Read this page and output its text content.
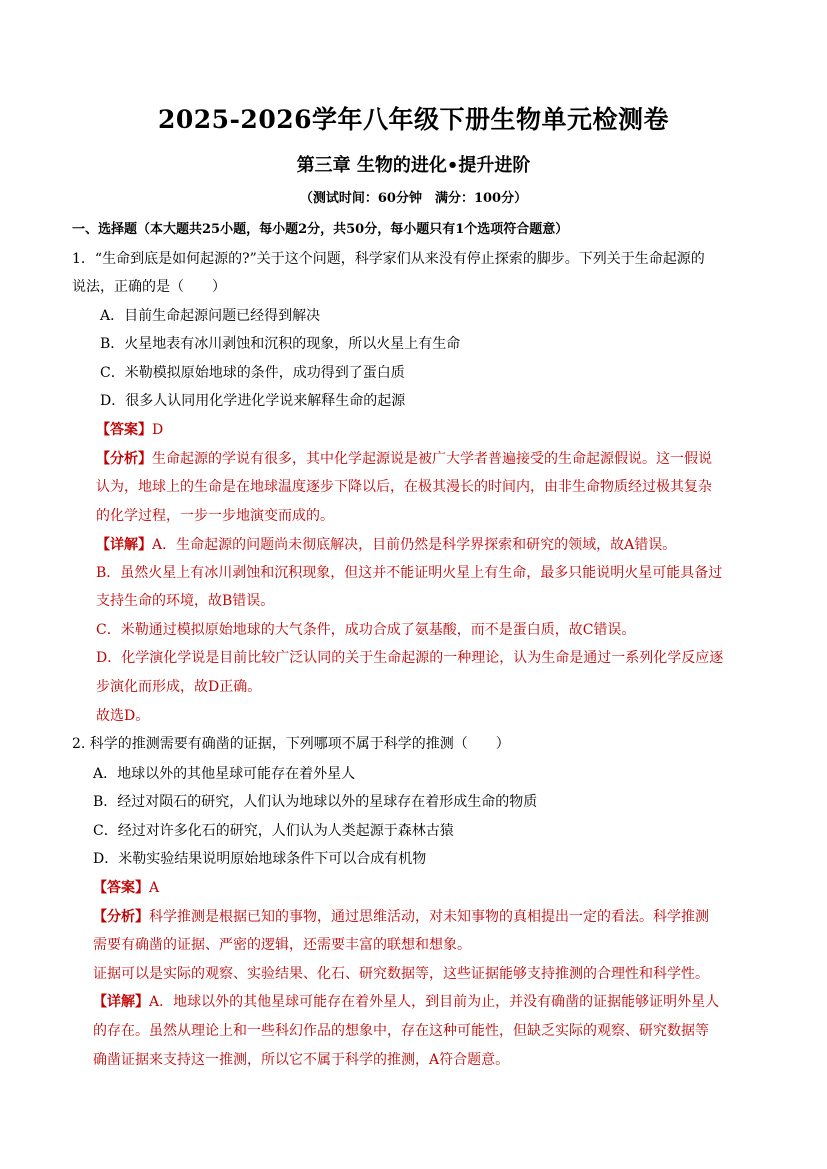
2025-2026学年八年级下册生物单元检测卷
第三章 生物的进化•提升进阶
（测试时间：60分钟　满分：100分）
一、选择题（本大题共25小题，每小题2分，共50分，每小题只有1个选项符合题意）
1．“生命到底是如何起源的?”关于这个问题，科学家们从来没有停止探索的脚步。下列关于生命起源的
说法，正确的是（　　）
A．目前生命起源问题已经得到解决
B．火星地表有冰川剥蚀和沉积的现象，所以火星上有生命
C．米勒模拟原始地球的条件，成功得到了蛋白质
D．很多人认同用化学进化学说来解释生命的起源
【答案】D
【分析】生命起源的学说有很多，其中化学起源说是被广大学者普遍接受的生命起源假说。这一假说
认为，地球上的生命是在地球温度逐步下降以后，在极其漫长的时间内，由非生命物质经过极其复杂
的化学过程，一步一步地演变而成的。
【详解】A．生命起源的问题尚未彻底解决，目前仍然是科学界探索和研究的领域，故A错误。
B．虽然火星上有冰川剥蚀和沉积现象，但这并不能证明火星上有生命，最多只能说明火星可能具备过
支持生命的环境，故B错误。
C．米勒通过模拟原始地球的大气条件，成功合成了氨基酸，而不是蛋白质，故C错误。
D．化学演化学说是目前比较广泛认同的关于生命起源的一种理论，认为生命是通过一系列化学反应逐
步演化而形成，故D正确。
故选D。
2. 科学的推测需要有确凿的证据，下列哪项不属于科学的推测（　　）
A．地球以外的其他星球可能存在着外星人
B．经过对陨石的研究，人们认为地球以外的星球存在着形成生命的物质
C．经过对许多化石的研究，人们认为人类起源于森林古猿
D．米勒实验结果说明原始地球条件下可以合成有机物
【答案】A
【分析】科学推测是根据已知的事物，通过思维活动，对未知事物的真相提出一定的看法。科学推测
需要有确凿的证据、严密的逻辑，还需要丰富的联想和想象。
证据可以是实际的观察、实验结果、化石、研究数据等，这些证据能够支持推测的合理性和科学性。
【详解】A．地球以外的其他星球可能存在着外星人，到目前为止，并没有确凿的证据能够证明外星人
的存在。虽然从理论上和一些科幻作品的想象中，存在这种可能性，但缺乏实际的观察、研究数据等
确凿证据来支持这一推测，所以它不属于科学的推测，A符合题意。
